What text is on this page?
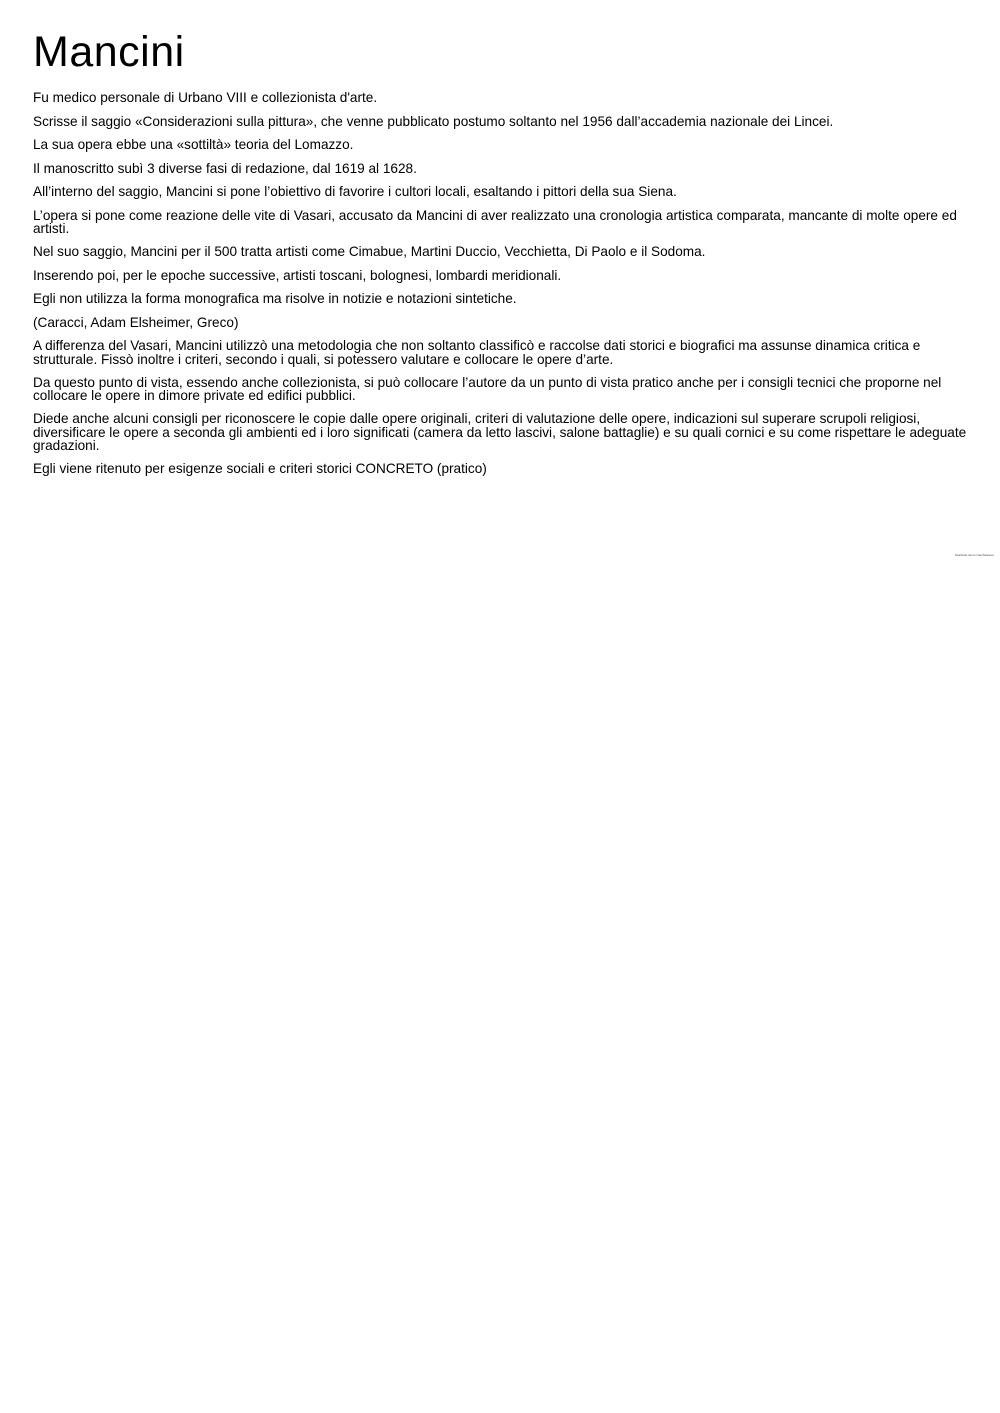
Mancini

Fu medico personale di Urbano VIII e collezionista d'arte.

Scrisse il saggio «Considerazioni sulla pittura», che venne pubblicato postumo soltanto nel 1956 dall’accademia nazionale dei Lincei.

La sua opera ebbe una «sottiltà» teoria del Lomazzo.

Il manoscritto subì 3 diverse fasi di redazione, dal 1619 al 1628.

All’interno del saggio, Mancini si pone l’obiettivo di favorire i cultori locali, esaltando i pittori della sua Siena.

L’opera si pone come reazione delle vite di Vasari, accusato da Mancini di aver realizzato una cronologia artistica comparata, mancante di molte opere ed artisti.

Nel suo saggio, Mancini per il 500 tratta artisti come Cimabue, Martini Duccio, Vecchietta, Di Paolo e il Sodoma.

Inserendo poi, per le epoche successive, artisti toscani, bolognesi, lombardi meridionali.

Egli non utilizza la forma monografica ma risolve in notizie e notazioni sintetiche.

(Caracci, Adam Elsheimer, Greco)

A differenza del Vasari, Mancini utilizzò una metodologia che non soltanto classificò e raccolse dati storici e biografici ma assunse dinamica critica e strutturale. Fissò inoltre i criteri, secondo i quali, si potessero valutare e collocare le opere d’arte.

Da questo punto di vista, essendo anche collezionista, si può collocare l’autore da un punto di vista pratico anche per i consigli tecnici che proporne nel collocare le opere in dimore private ed edifici pubblici.

Diede anche alcuni consigli per riconoscere le copie dalle opere originali, criteri di valutazione delle opere, indicazioni sul superare scrupoli religiosi, diversificare le opere a seconda gli ambienti ed i loro significati (camera da letto lascivi, salone battaglie) e su quali cornici e su come rispettare le adeguate gradazioni.

Egli viene ritenuto per esigenze sociali e criteri storici CONCRETO (pratico)

Scaricato da un CamScanner
